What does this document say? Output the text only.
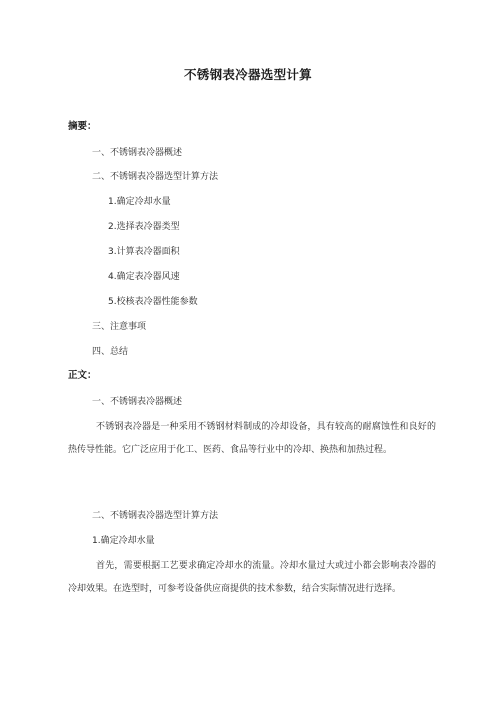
不锈钢表冷器选型计算
摘要：
一、不锈钢表冷器概述
二、不锈钢表冷器选型计算方法
1.确定冷却水量
2.选择表冷器类型
3.计算表冷器面积
4.确定表冷器风速
5.校核表冷器性能参数
三、注意事项
四、总结
正文：
一、不锈钢表冷器概述

不锈钢表冷器是一种采用不锈钢材料制成的冷却设备，具有较高的耐腐蚀性和良好的热传导性能。它广泛应用于化工、医药、食品等行业中的冷却、换热和加热过程。

二、不锈钢表冷器选型计算方法
1.确定冷却水量

首先，需要根据工艺要求确定冷却水的流量。冷却水量过大或过小都会影响表冷器的冷却效果。在选型时，可参考设备供应商提供的技术参数，结合实际情况进行选择。
